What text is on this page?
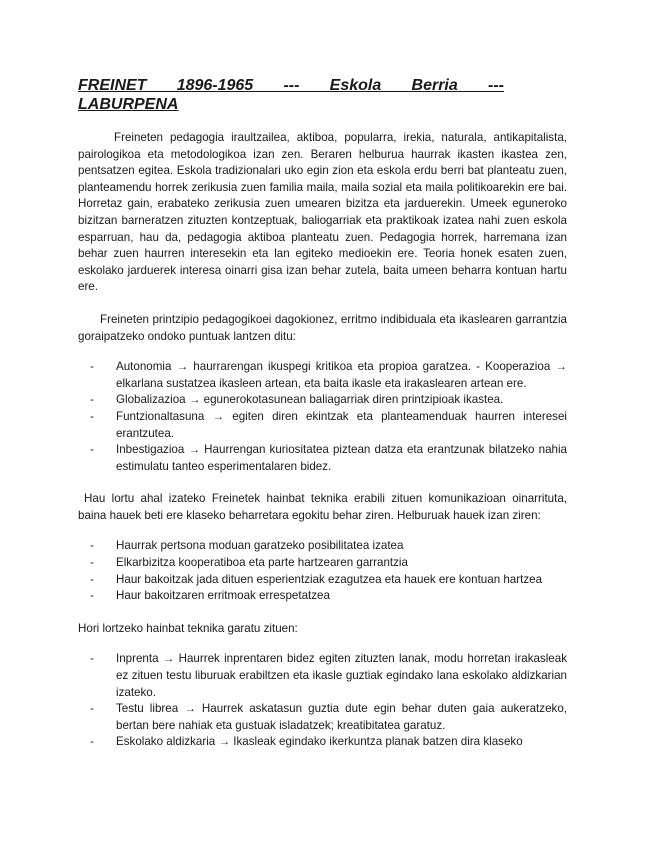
FREINET 1896-1965 --- Eskola Berria --- LABURPENA

Freineten pedagogia iraultzailea, aktiboa, popularra, irekia, naturala, antikapitalista, pairologikoa eta metodologikoa izan zen. Beraren helburua haurrak ikasten ikastea zen, pentsatzen egitea. Eskola tradizionalari uko egin zion eta eskola erdu berri bat planteatu zuen, planteamendu horrek zerikusia zuen familia maila, maila sozial eta maila politikoarekin ere bai. Horretaz gain, erabateko zerikusia zuen umearen bizitza eta jarduerekin. Umeek eguneroko bizitzan barneratzen zituzten kontzeptuak, baliogarriak eta praktikoak izatea nahi zuen eskola esparruan, hau da, pedagogia aktiboa planteatu zuen. Pedagogia horrek, harremana izan behar zuen haurren interesekin eta lan egiteko medioekin ere. Teoria honek esaten zuen, eskolako jarduerek interesa oinarri gisa izan behar zutela, baita umeen beharra kontuan hartu ere.

Freineten printzipio pedagogikoei dagokionez, erritmo indibiduala eta ikaslearen garrantzia goraipatzeko ondoko puntuak lantzen ditu:

- Autonomia → haurrarengan ikuspegi kritikoa eta propioa garatzea. - Kooperazioa → elkarlana sustatzea ikasleen artean, eta baita ikasle eta irakaslearen artean ere.
- Globalizazioa → egunerokotasunean baliagarriak diren printzipioak ikastea.
- Funtzionaltasuna → egiten diren ekintzak eta planteamenduak haurren interesei erantzutea.
- Inbestigazioa → Haurrengan kuriositatea piztean datza eta erantzunak bilatzeko nahia estimulatu tanteo esperimentalaren bidez.

Hau lortu ahal izateko Freinetek hainbat teknika erabili zituen komunikazioan oinarrituta, baina hauek beti ere klaseko beharretara egokitu behar ziren. Helburuak hauek izan ziren:

- Haurrak pertsona moduan garatzeko posibilitatea izatea
- Elkarbizitza kooperatiboa eta parte hartzearen garrantzia
- Haur bakoitzak jada dituen esperientziak ezagutzea eta hauek ere kontuan hartzea
- Haur bakoitzaren erritmoak errespetatzea

Hori lortzeko hainbat teknika garatu zituen:

- Inprenta → Haurrek inprentaren bidez egiten zituzten lanak, modu horretan irakasleak ez zituen testu liburuak erabiltzen eta ikasle guztiak egindako lana eskolako aldizkarian izateko.
- Testu librea → Haurrek askatasun guztia dute egin behar duten gaia aukeratzeko, bertan bere nahiak eta gustuak isladatzek; kreatibitatea garatuz.
- Eskolako aldizkaria → Ikasleak egindako ikerkuntza planak batzen dira klaseko
